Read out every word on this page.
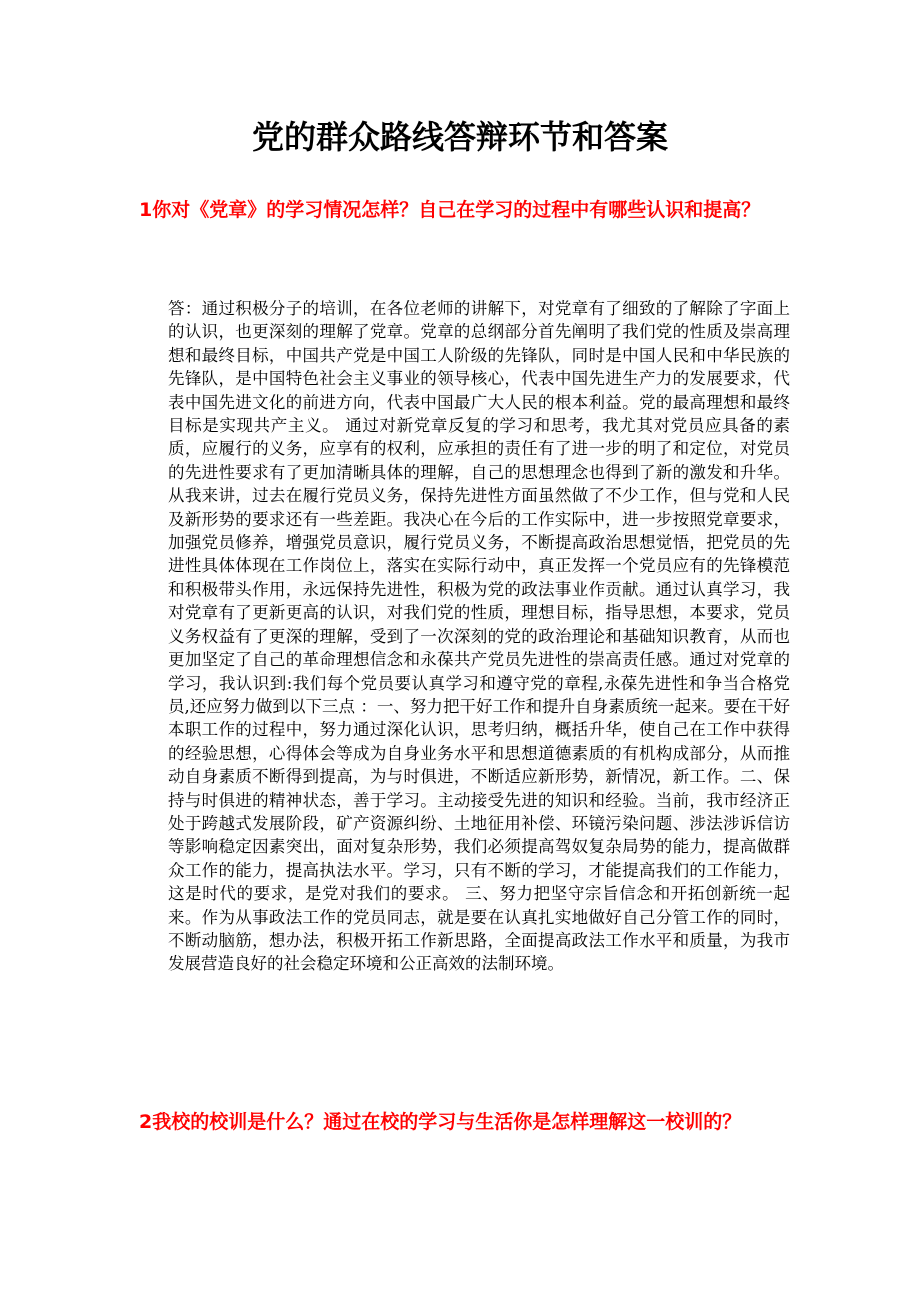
党的群众路线答辩环节和答案
1你对《党章》的学习情况怎样？自己在学习的过程中有哪些认识和提高？
答：通过积极分子的培训，在各位老师的讲解下，对党章有了细致的了解除了字面上的认识，也更深刻的理解了党章。党章的总纲部分首先阐明了我们党的性质及崇高理想和最终目标，中国共产党是中国工人阶级的先锋队，同时是中国人民和中华民族的先锋队，是中国特色社会主义事业的领导核心，代表中国先进生产力的发展要求，代表中国先进文化的前进方向，代表中国最广大人民的根本利益。党的最高理想和最终目标是实现共产主义。 通过对新党章反复的学习和思考，我尤其对党员应具备的素质，应履行的义务，应享有的权利，应承担的责任有了进一步的明了和定位，对党员的先进性要求有了更加清晰具体的理解，自己的思想理念也得到了新的激发和升华。从我来讲，过去在履行党员义务，保持先进性方面虽然做了不少工作，但与党和人民及新形势的要求还有一些差距。我决心在今后的工作实际中，进一步按照党章要求，加强党员修养，增强党员意识，履行党员义务，不断提高政治思想觉悟，把党员的先进性具体体现在工作岗位上，落实在实际行动中，真正发挥一个党员应有的先锋模范和积极带头作用，永远保持先进性，积极为党的政法事业作贡献。通过认真学习，我对党章有了更新更高的认识，对我们党的性质，理想目标，指导思想，本要求，党员义务权益有了更深的理解，受到了一次深刻的党的政治理论和基础知识教育，从而也更加坚定了自己的革命理想信念和永葆共产党员先进性的崇高责任感。通过对党章的学习，我认识到:我们每个党员要认真学习和遵守党的章程,永葆先进性和争当合格党员,还应努力做到以下三点 ：一、努力把干好工作和提升自身素质统一起来。要在干好本职工作的过程中，努力通过深化认识，思考归纳，概括升华，使自己在工作中获得的经验思想，心得体会等成为自身业务水平和思想道德素质的有机构成部分，从而推动自身素质不断得到提高，为与时俱进，不断适应新形势，新情况，新工作。二、保持与时俱进的精神状态，善于学习。主动接受先进的知识和经验。当前，我市经济正处于跨越式发展阶段，矿产资源纠纷、土地征用补偿、环镜污染问题、涉法涉诉信访等影响稳定因素突出，面对复杂形势，我们必须提高驾奴复杂局势的能力，提高做群众工作的能力，提高执法水平。学习，只有不断的学习，才能提高我们的工作能力，这是时代的要求，是党对我们的要求。 三、努力把坚守宗旨信念和开拓创新统一起来。作为从事政法工作的党员同志，就是要在认真扎实地做好自己分管工作的同时，不断动脑筋，想办法，积极开拓工作新思路，全面提高政法工作水平和质量，为我市发展营造良好的社会稳定环境和公正高效的法制环境。
2我校的校训是什么？通过在校的学习与生活你是怎样理解这一校训的？
